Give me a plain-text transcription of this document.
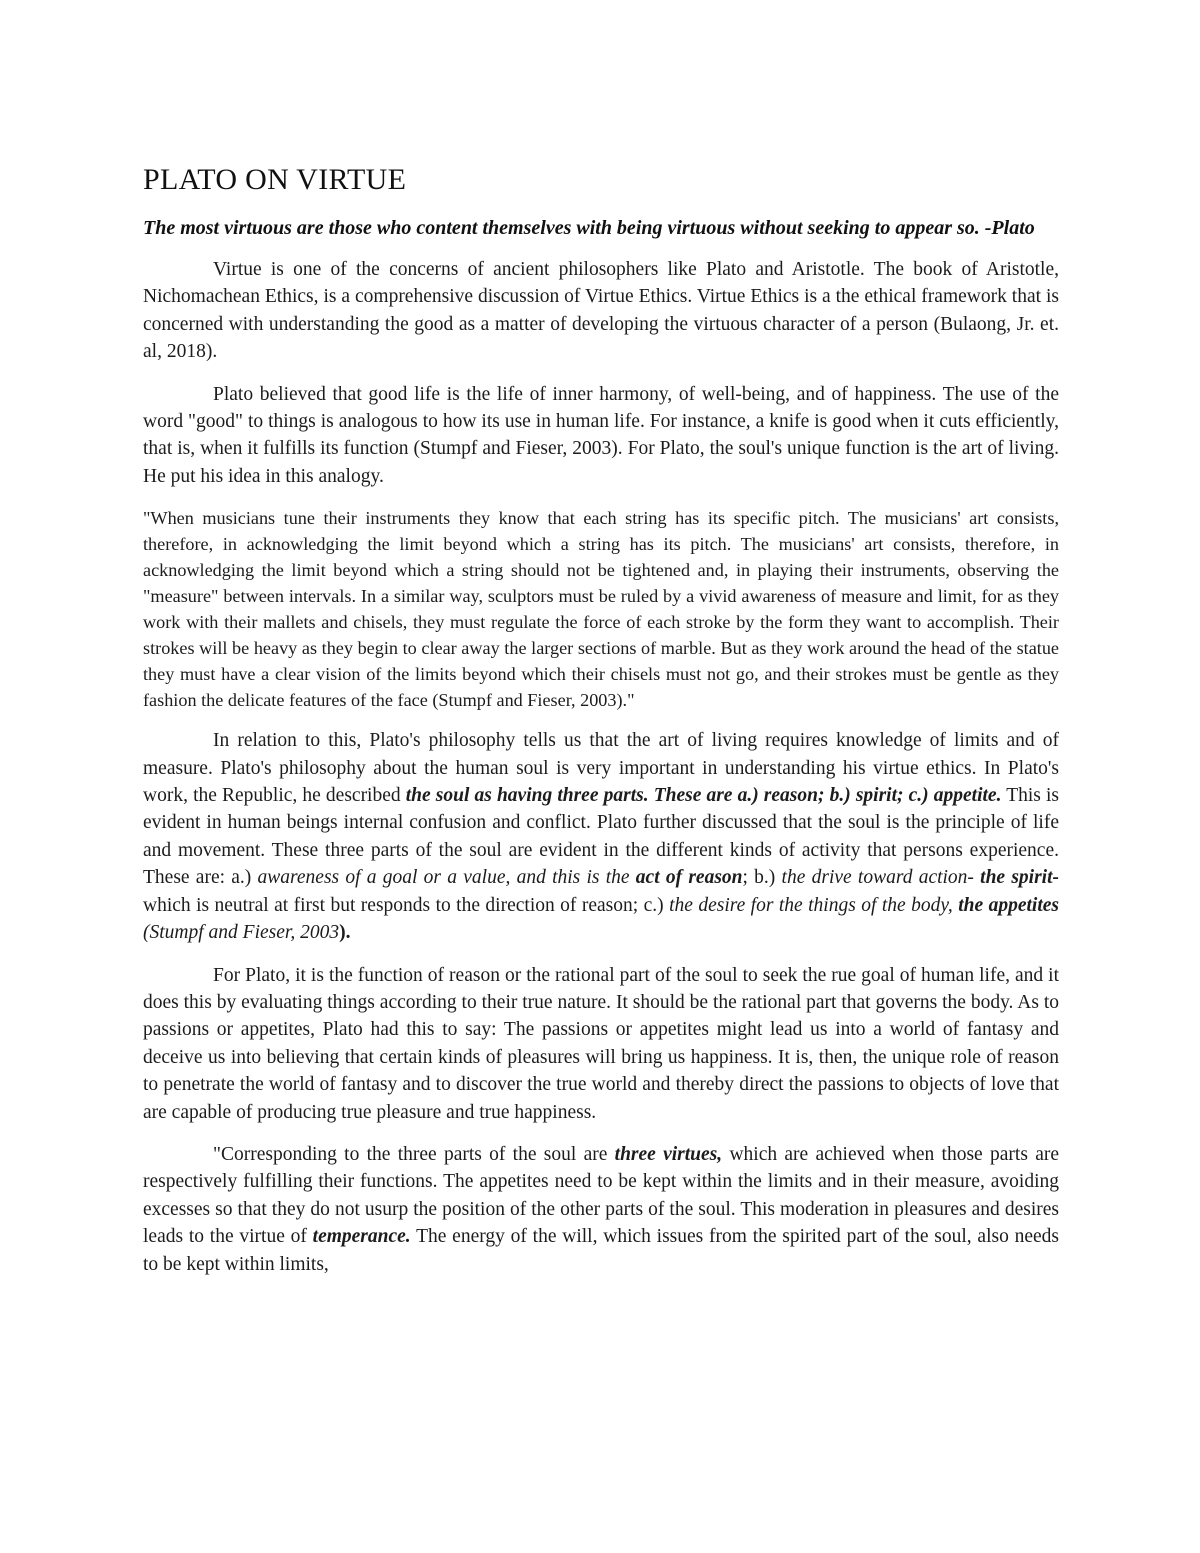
PLATO ON VIRTUE

The most virtuous are those who content themselves with being virtuous without seeking to appear so. -Plato

Virtue is one of the concerns of ancient philosophers like Plato and Aristotle. The book of Aristotle, Nichomachean Ethics, is a comprehensive discussion of Virtue Ethics. Virtue Ethics is a the ethical framework that is concerned with understanding the good as a matter of developing the virtuous character of a person (Bulaong, Jr. et. al, 2018).

Plato believed that good life is the life of inner harmony, of well-being, and of happiness. The use of the word "good" to things is analogous to how its use in human life. For instance, a knife is good when it cuts efficiently, that is, when it fulfills its function (Stumpf and Fieser, 2003). For Plato, the soul's unique function is the art of living. He put his idea in this analogy.

"When musicians tune their instruments they know that each string has its specific pitch. The musicians' art consists, therefore, in acknowledging the limit beyond which a string has its pitch. The musicians' art consists, therefore, in acknowledging the limit beyond which a string should not be tightened and, in playing their instruments, observing the "measure" between intervals. In a similar way, sculptors must be ruled by a vivid awareness of measure and limit, for as they work with their mallets and chisels, they must regulate the force of each stroke by the form they want to accomplish. Their strokes will be heavy as they begin to clear away the larger sections of marble. But as they work around the head of the statue they must have a clear vision of the limits beyond which their chisels must not go, and their strokes must be gentle as they fashion the delicate features of the face (Stumpf and Fieser, 2003)."

In relation to this, Plato's philosophy tells us that the art of living requires knowledge of limits and of measure. Plato's philosophy about the human soul is very important in understanding his virtue ethics. In Plato's work, the Republic, he described the soul as having three parts. These are a.) reason; b.) spirit; c.) appetite. This is evident in human beings internal confusion and conflict. Plato further discussed that the soul is the principle of life and movement. These three parts of the soul are evident in the different kinds of activity that persons experience. These are: a.) awareness of a goal or a value, and this is the act of reason; b.) the drive toward action- the spirit- which is neutral at first but responds to the direction of reason; c.) the desire for the things of the body, the appetites (Stumpf and Fieser, 2003).

For Plato, it is the function of reason or the rational part of the soul to seek the rue goal of human life, and it does this by evaluating things according to their true nature. It should be the rational part that governs the body. As to passions or appetites, Plato had this to say: The passions or appetites might lead us into a world of fantasy and deceive us into believing that certain kinds of pleasures will bring us happiness. It is, then, the unique role of reason to penetrate the world of fantasy and to discover the true world and thereby direct the passions to objects of love that are capable of producing true pleasure and true happiness.

"Corresponding to the three parts of the soul are three virtues, which are achieved when those parts are respectively fulfilling their functions. The appetites need to be kept within the limits and in their measure, avoiding excesses so that they do not usurp the position of the other parts of the soul. This moderation in pleasures and desires leads to the virtue of temperance. The energy of the will, which issues from the spirited part of the soul, also needs to be kept within limits,
